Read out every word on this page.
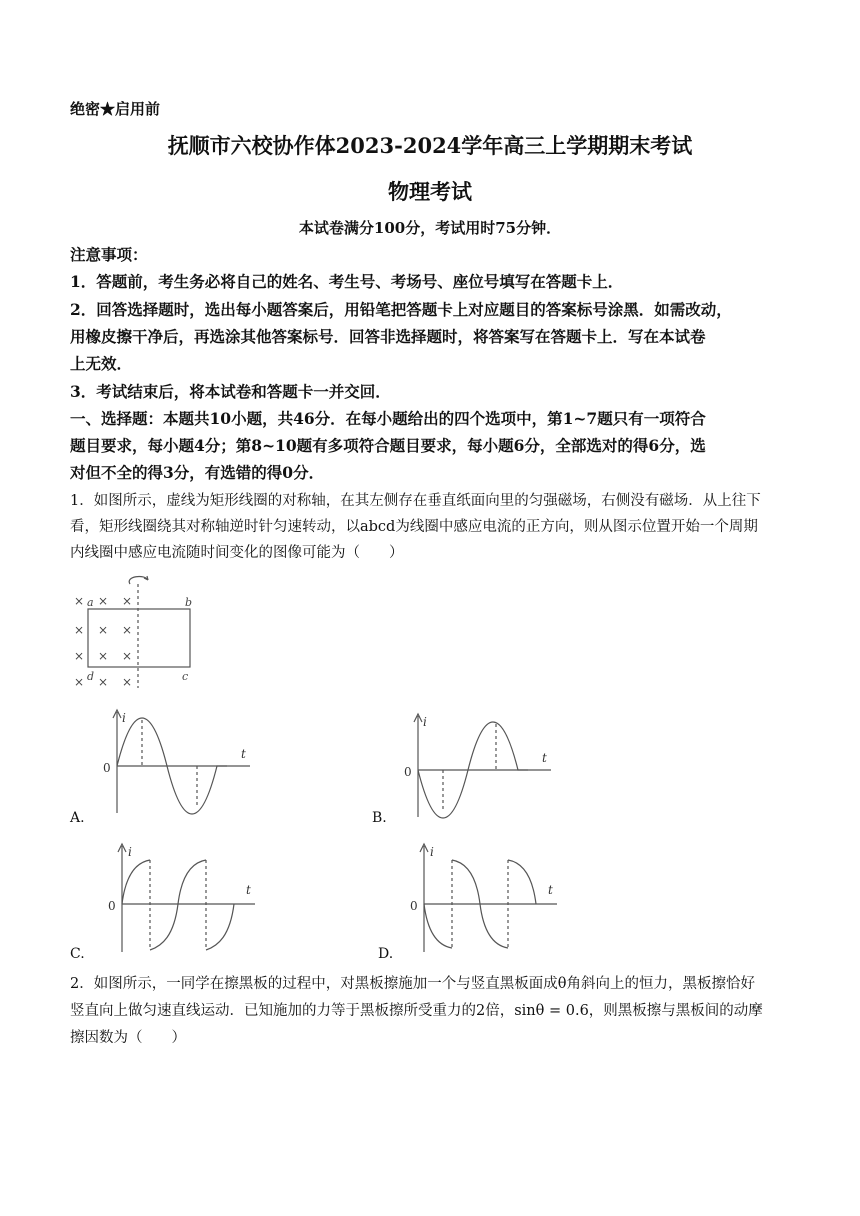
绝密★启用前
抚顺市六校协作体2023-2024学年高三上学期期末考试
物理考试
本试卷满分100分，考试用时75分钟．
注意事项：
1．答题前，考生务必将自己的姓名、考生号、考场号、座位号填写在答题卡上．
2．回答选择题时，选出每小题答案后，用铅笔把答题卡上对应题目的答案标号涂黑．如需改动，
用橡皮擦干净后，再选涂其他答案标号．回答非选择题时，将答案写在答题卡上．写在本试卷
上无效．
3．考试结束后，将本试卷和答题卡一并交回．
一、选择题：本题共10小题，共46分．在每小题给出的四个选项中，第1~7题只有一项符合
题目要求，每小题4分；第8~10题有多项符合题目要求，每小题6分，全部选对的得6分，选
对但不全的得3分，有选错的得0分．
1．如图所示，虚线为矩形线圈的对称轴，在其左侧存在垂直纸面向里的匀强磁场，右侧没有磁场．从上往下
看，矩形线圈绕其对称轴逆时针匀速转动，以abcd为线圈中感应电流的正方向，则从图示位置开始一个周期
内线圈中感应电流随时间变化的图像可能为（　　）
× × ×
× × ×
× × ×
× × ×
a	b
c
d
i
t
0
A.
i
t
0
B.
i
t
0
C.
i
t
0
D.
2．如图所示，一同学在擦黑板的过程中，对黑板擦施加一个与竖直黑板面成θ角斜向上的恒力，黑板擦恰好
竖直向上做匀速直线运动．已知施加的力等于黑板擦所受重力的2倍，sinθ = 0.6，则黑板擦与黑板间的动摩
擦因数为（　　）
